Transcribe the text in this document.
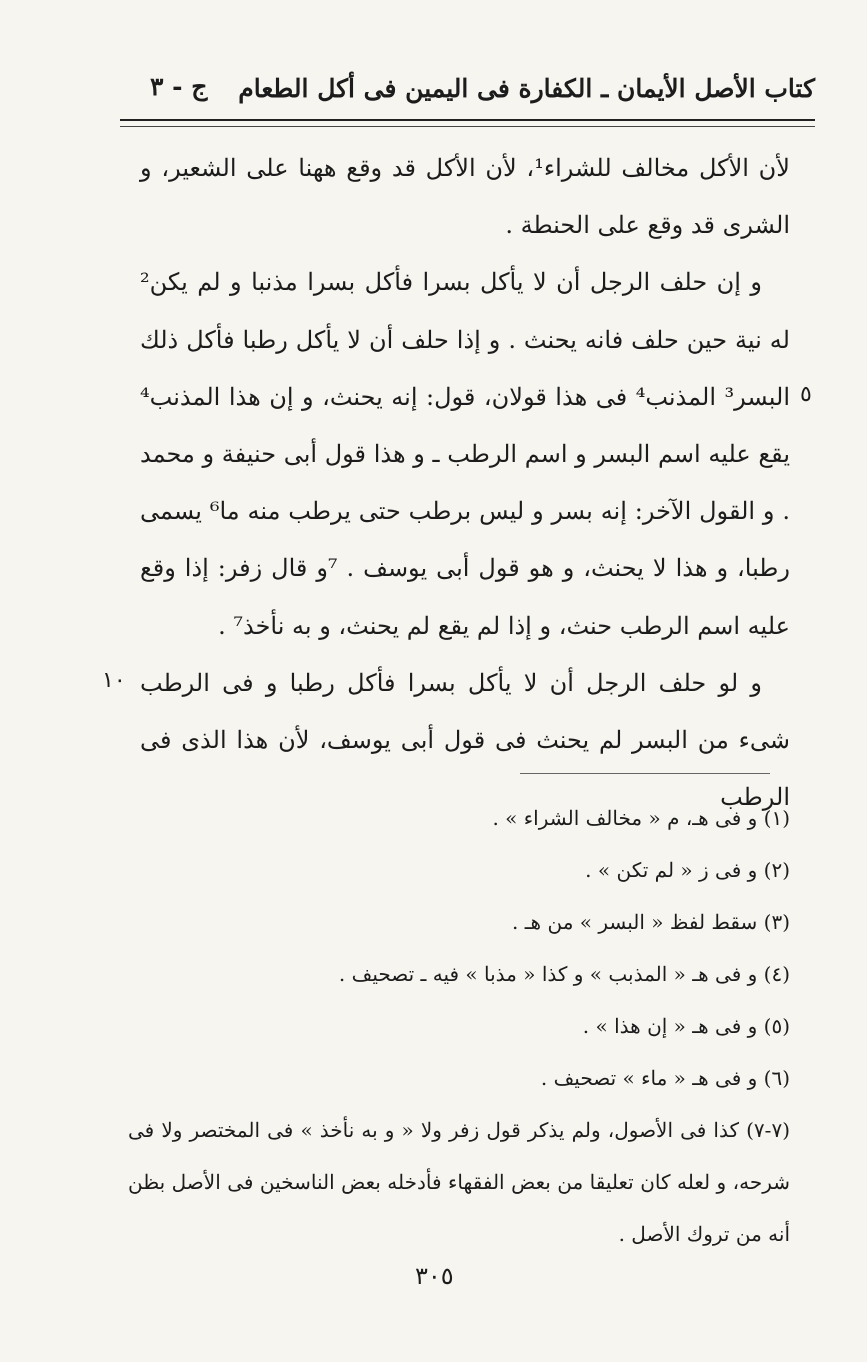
كتاب الأصل الأيمان ـ الكفارة فى اليمين فى أكل الطعام
ج - ٣

لأن الأكل مخالف للشراء¹، لأن الأكل قد وقع ههنا على الشعير، و الشرى قد وقع على الحنطة .

و إن حلف الرجل أن لا يأكل بسرا فأكل بسرا مذنبا و لم يكن² له نية حين حلف فانه يحنث . و إذا حلف أن لا يأكل رطبا فأكل ذلك البسر³ المذنب⁴ فى هذا قولان، قول: إنه يحنث، و إن هذا المذنب⁴ يقع عليه اسم البسر و اسم الرطب ـ و هذا قول أبى حنيفة و محمد . و القول الآخر: إنه بسر و ليس برطب حتى يرطب منه ما⁶ يسمى رطبا، و هذا لا يحنث، و هو قول أبى يوسف . ⁷و قال زفر: إذا وقع عليه اسم الرطب حنث، و إذا لم يقع لم يحنث، و به نأخذ⁷ .

و لو حلف الرجل أن لا يأكل بسرا فأكل رطبا و فى الرطب شىء من البسر لم يحنث فى قول أبى يوسف، لأن هذا الذى فى الرطب

٥
١٠

(١) و فى هـ، م « مخالف الشراء » .

(٢) و فى ز « لم تكن » .

(٣) سقط لفظ « البسر » من هـ .

(٤) و فى هـ « المذبب » و كذا « مذبا » فيه ـ تصحيف .

(٥) و فى هـ « إن هذا » .

(٦) و فى هـ « ماء » تصحيف .

(٧-٧) كذا فى الأصول، ولم يذكر قول زفر ولا « و به نأخذ » فى المختصر ولا فى شرحه، و لعله كان تعليقا من بعض الفقهاء فأدخله بعض الناسخين فى الأصل بظن أنه من تروك الأصل .

٣٠٥
